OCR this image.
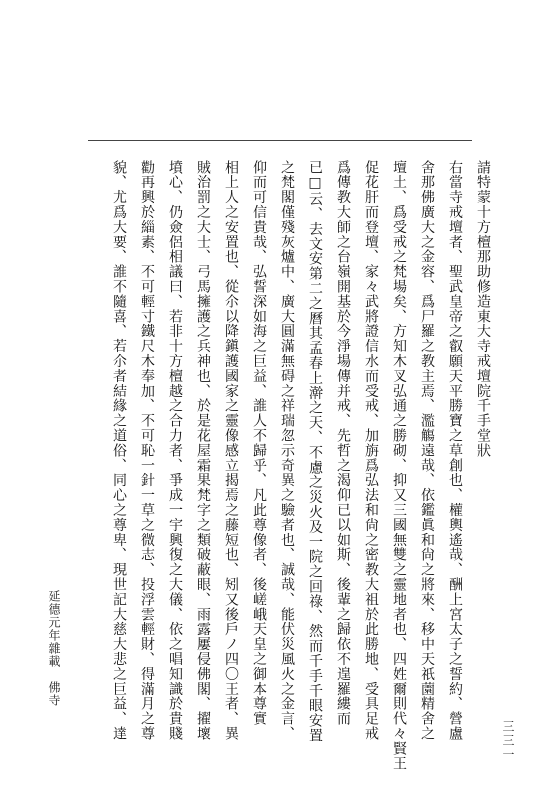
請特蒙十方檀那助修造東大寺戒壇院千手堂狀
右當寺戒壇者、聖武皇帝之叡願天平勝寶之草創也、權輿遙哉、酬上宮太子之誓約、營盧
舍那佛廣大之金容、爲尸羅之教主焉、濫觴遠哉、依鑑眞和尙之將來、移中天祇薗精舍之
壇土、爲受戒之梵場矣、方知木叉弘通之勝砌、抑又三國無雙之靈地者也、四姓爾則代々賢王
促花肝而登壇、家々武將證信水而受戒、加旃爲弘法和尙之密教大祖於此勝地、受具足戒
爲傳教大師之台嶺開基於今淨場傳并戒、先哲之渴仰已以如斯、後輩之歸依不遑羅縷而
已□云、去文安第二之曆其孟春上澣之天、不慮之災火及一院之回祿、然而千手千眼安置
之梵閣僅殘灰爐中、廣大圓滿無碍之祥瑞忽示奇異之驗者也、誠哉、能伏災風火之金言、
仰而可信貴哉、弘誓深如海之巨益、誰人不歸乎、凡此尊像者、後嵯峨天皇之御本尊實
相上人之安置也、從尒以降鎭護國家之靈像感立揭焉之藤短也、矧又後戶ノ四〇王者、異
賊治罰之大士、弓馬擁護之兵神也、於是花屋霜果梵字之類破蔽眼、雨露屢侵佛閣、擢壞
墳心、仍僉侶相議曰、若非十方檀越之合力者、爭成一宇興復之大儀、依之唱知識於貴賤
勸再興於緇素、不可輕寸鐵尺木奉加、不可恥一針一草之微志、投浮雲輕財、得滿月之尊
貌、尤爲大要、誰不隨喜、若尒者結緣之道俗、同心之尊卑、現世記大慈大悲之巨益、達
延德元年雜載　佛寺
三三一
